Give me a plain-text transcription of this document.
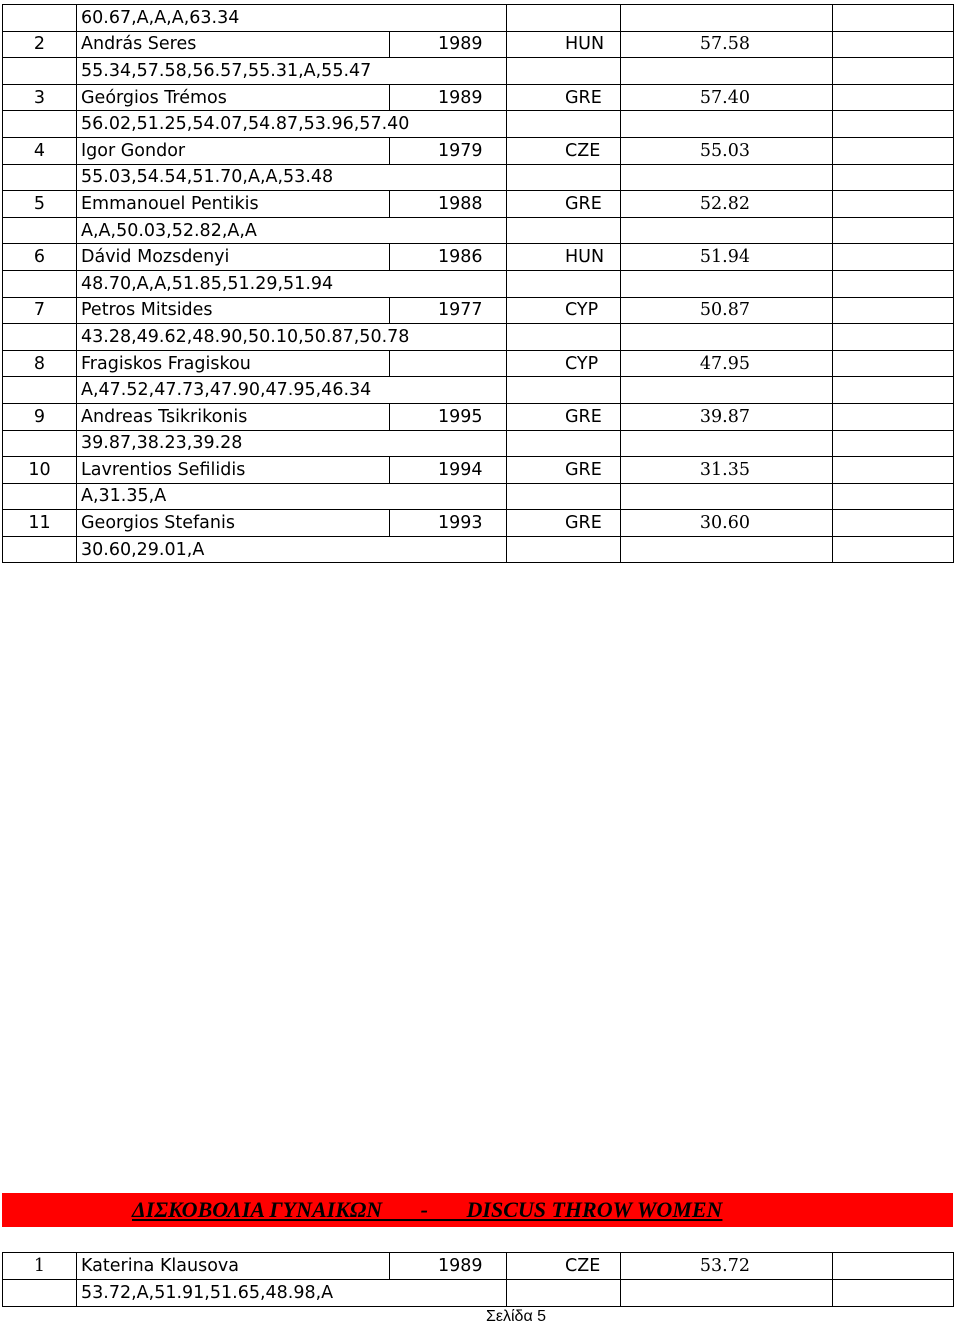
	60.67,A,A,A,63.34				
2	András Seres	1989	HUN	57.58	
	55.34,57.58,56.57,55.31,A,55.47				
3	Geórgios Trémos	1989	GRE	57.40	
	56.02,51.25,54.07,54.87,53.96,57.40				
4	Igor Gondor	1979	CZE	55.03	
	55.03,54.54,51.70,A,A,53.48				
5	Emmanouel Pentikis	1988	GRE	52.82	
	A,A,50.03,52.82,A,A				
6	Dávid Mozsdenyi	1986	HUN	51.94	
	48.70,A,A,51.85,51.29,51.94				
7	Petros Mitsides	1977	CYP	50.87	
	43.28,49.62,48.90,50.10,50.87,50.78				
8	Fragiskos Fragiskou		CYP	47.95	
	A,47.52,47.73,47.90,47.95,46.34				
9	Andreas Tsikrikonis	1995	GRE	39.87	
	39.87,38.23,39.28				
10	Lavrentios Sefilidis	1994	GRE	31.35	
	A,31.35,A				
11	Georgios Stefanis	1993	GRE	30.60	
	30.60,29.01,A				
ΔΙΣΚΟΒΟΛΙΑ ΓΥΝΑΙΚΩΝ       -       DISCUS THROW WOMEN
1	Katerina Klausova	1989	CZE	53.72	
	53.72,A,51.91,51.65,48.98,A				
Σελίδα 5
